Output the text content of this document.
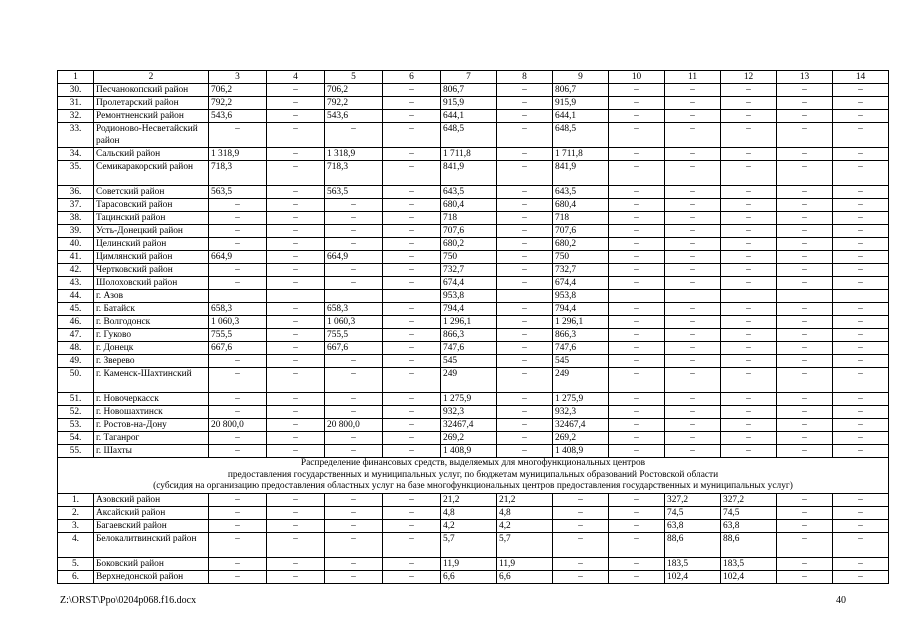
1	2	3	4	5	6	7	8	9	10	11	12	13	14
30.	Песчанокопский район	706,2	–	706,2	–	806,7	–	806,7	–	–	–	–	–
31.	Пролетарский район	792,2	–	792,2	–	915,9	–	915,9	–	–	–	–	–
32.	Ремонтненский район	543,6	–	543,6	–	644,1	–	644,1	–	–	–	–	–
33.	Родионово-Несветайский район	–	–	–	–	648,5	–	648,5	–	–	–	–	–
34.	Сальский район	1 318,9	–	1 318,9	–	1 711,8	–	1 711,8	–	–	–	–	–
35.	Семикаракорский район	718,3	–	718,3	–	841,9	–	841,9	–	–	–	–	–
36.	Советский район	563,5	–	563,5	–	643,5	–	643,5	–	–	–	–	–
37.	Тарасовский район	–	–	–	–	680,4	–	680,4	–	–	–	–	–
38.	Тацинский район	–	–	–	–	718	–	718	–	–	–	–	–
39.	Усть-Донецкий район	–	–	–	–	707,6	–	707,6	–	–	–	–	–
40.	Целинский район	–	–	–	–	680,2	–	680,2	–	–	–	–	–
41.	Цимлянский район	664,9	–	664,9	–	750	–	750	–	–	–	–	–
42.	Чертковский район	–	–	–	–	732,7	–	732,7	–	–	–	–	–
43.	Шолоховский район	–	–	–	–	674,4	–	674,4	–	–	–	–	–
44.	г. Азов					953,8		953,8					
45.	г. Батайск	658,3	–	658,3	–	794,4	–	794,4	–	–	–	–	–
46.	г. Волгодонск	1 060,3	–	1 060,3	–	1 296,1	–	1 296,1	–	–	–	–	–
47.	г. Гуково	755,5	–	755,5	–	866,3	–	866,3	–	–	–	–	–
48.	г. Донецк	667,6	–	667,6	–	747,6	–	747,6	–	–	–	–	–
49.	г. Зверево	–	–	–	–	545	–	545	–	–	–	–	–
50.	г. Каменск-Шахтинский	–	–	–	–	249	–	249	–	–	–	–	–
51.	г. Новочеркасск	–	–	–	–	1 275,9	–	1 275,9	–	–	–	–	–
52.	г. Новошахтинск	–	–	–	–	932,3	–	932,3	–	–	–	–	–
53.	г. Ростов-на-Дону	20 800,0	–	20 800,0	–	32467,4	–	32467,4	–	–	–	–	–
54.	г. Таганрог	–	–	–	–	269,2	–	269,2	–	–	–	–	–
55.	г. Шахты	–	–	–	–	1 408,9	–	1 408,9	–	–	–	–	–

Распределение финансовых средств, выделяемых для многофункциональных центров
предоставления государственных и муниципальных услуг, по бюджетам муниципальных образований Ростовской области
(субсидия на организацию предоставления областных услуг на базе многофункциональных центров предоставления государственных и муниципальных услуг)													

1.	Азовский район	–	–	–	–	21,2	21,2	–	–	327,2	327,2	–	–
2.	Аксайский район	–	–	–	–	4,8	4,8	–	–	74,5	74,5	–	–
3.	Багаевский район	–	–	–	–	4,2	4,2	–	–	63,8	63,8	–	–
4.	Белокалитвинский район	–	–	–	–	5,7	5,7	–	–	88,6	88,6	–	–
5.	Боковский район	–	–	–	–	11,9	11,9	–	–	183,5	183,5	–	–
6.	Верхнедонской район	–	–	–	–	6,6	6,6	–	–	102,4	102,4	–	–
Z:\ORST\Ppo\0204p068.f16.docx	40
